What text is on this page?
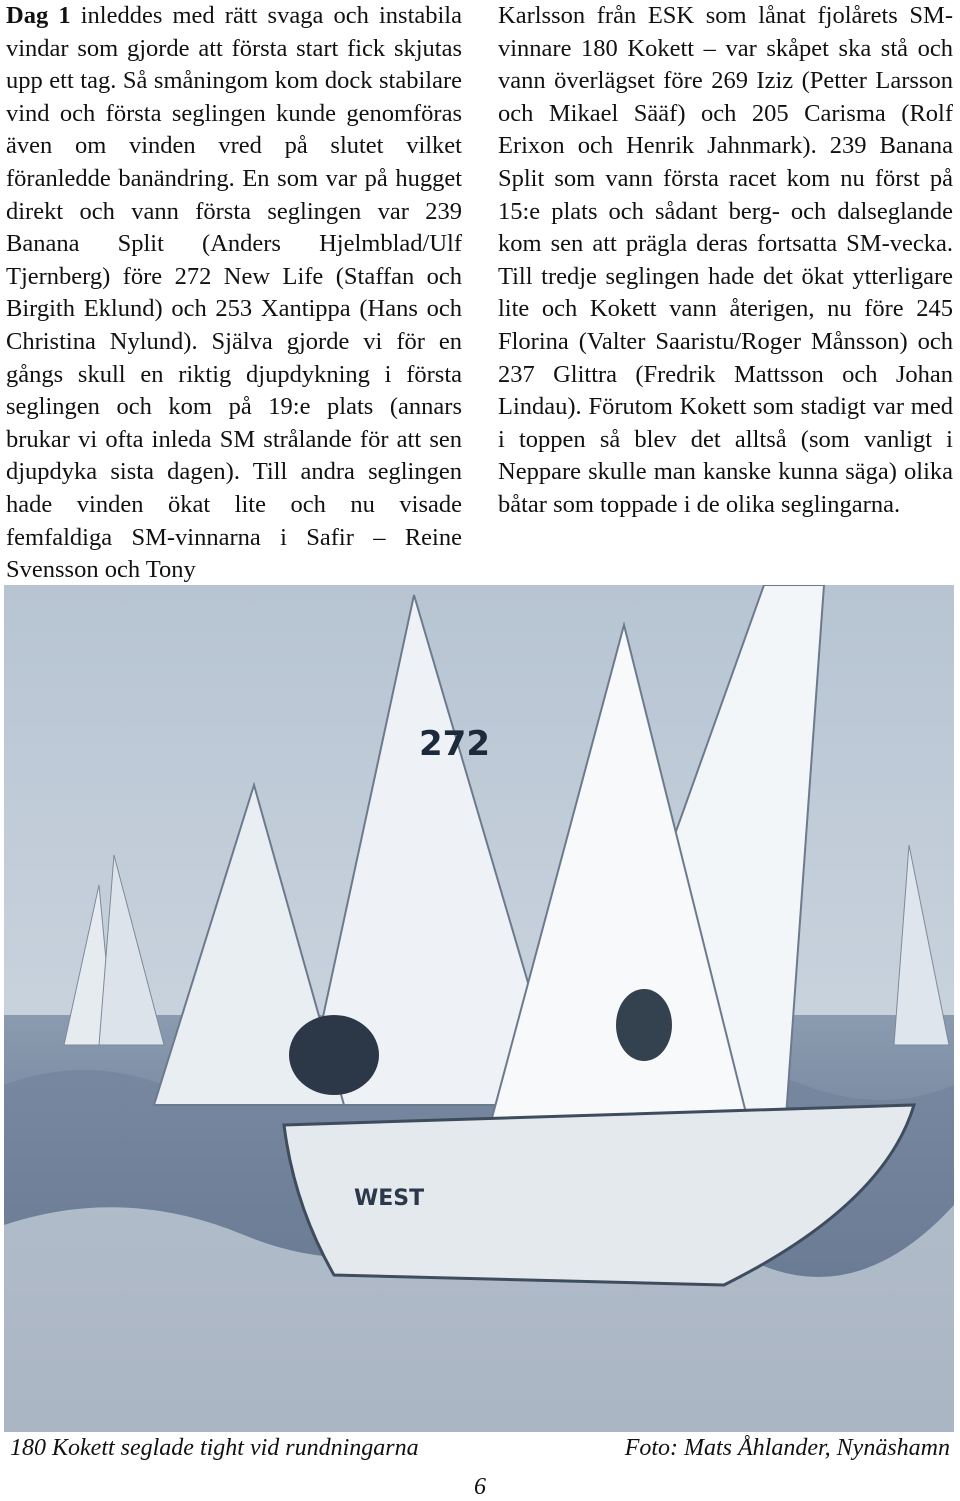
Dag 1 inleddes med rätt svaga och instabila vindar som gjorde att första start fick skjutas upp ett tag. Så småningom kom dock stabilare vind och första seglingen kunde genomföras även om vinden vred på slutet vilket föranledde banändring. En som var på hugget direkt och vann första seglingen var 239 Banana Split (Anders Hjelmblad/Ulf Tjernberg) före 272 New Life (Staffan och Birgith Eklund) och 253 Xantippa (Hans och Christina Nylund). Själva gjorde vi för en gångs skull en riktig djupdykning i första seglingen och kom på 19:e plats (annars brukar vi ofta inleda SM strålande för att sen djupdyka sista dagen). Till andra seglingen hade vinden ökat lite och nu visade femfaldiga SM-vinnarna i Safir – Reine Svensson och Tony

Karlsson från ESK som lånat fjolårets SM-vinnare 180 Kokett – var skåpet ska stå och vann överlägset före 269 Iziz (Petter Larsson och Mikael Sääf) och 205 Carisma (Rolf Erixon och Henrik Jahnmark). 239 Banana Split som vann första racet kom nu först på 15:e plats och sådant berg- och dalseglande kom sen att prägla deras fortsatta SM-vecka. Till tredje seglingen hade det ökat ytterligare lite och Kokett vann återigen, nu före 245 Florina (Valter Saaristu/Roger Månsson) och 237 Glittra (Fredrik Mattsson och Johan Lindau). Förutom Kokett som stadigt var med i toppen så blev det alltså (som vanligt i Neppare skulle man kanske kunna säga) olika båtar som toppade i de olika seglingarna.

272
WEST
180 Kokett seglade tight vid rundningarna	Foto: Mats Åhlander, Nynäshamn
6
